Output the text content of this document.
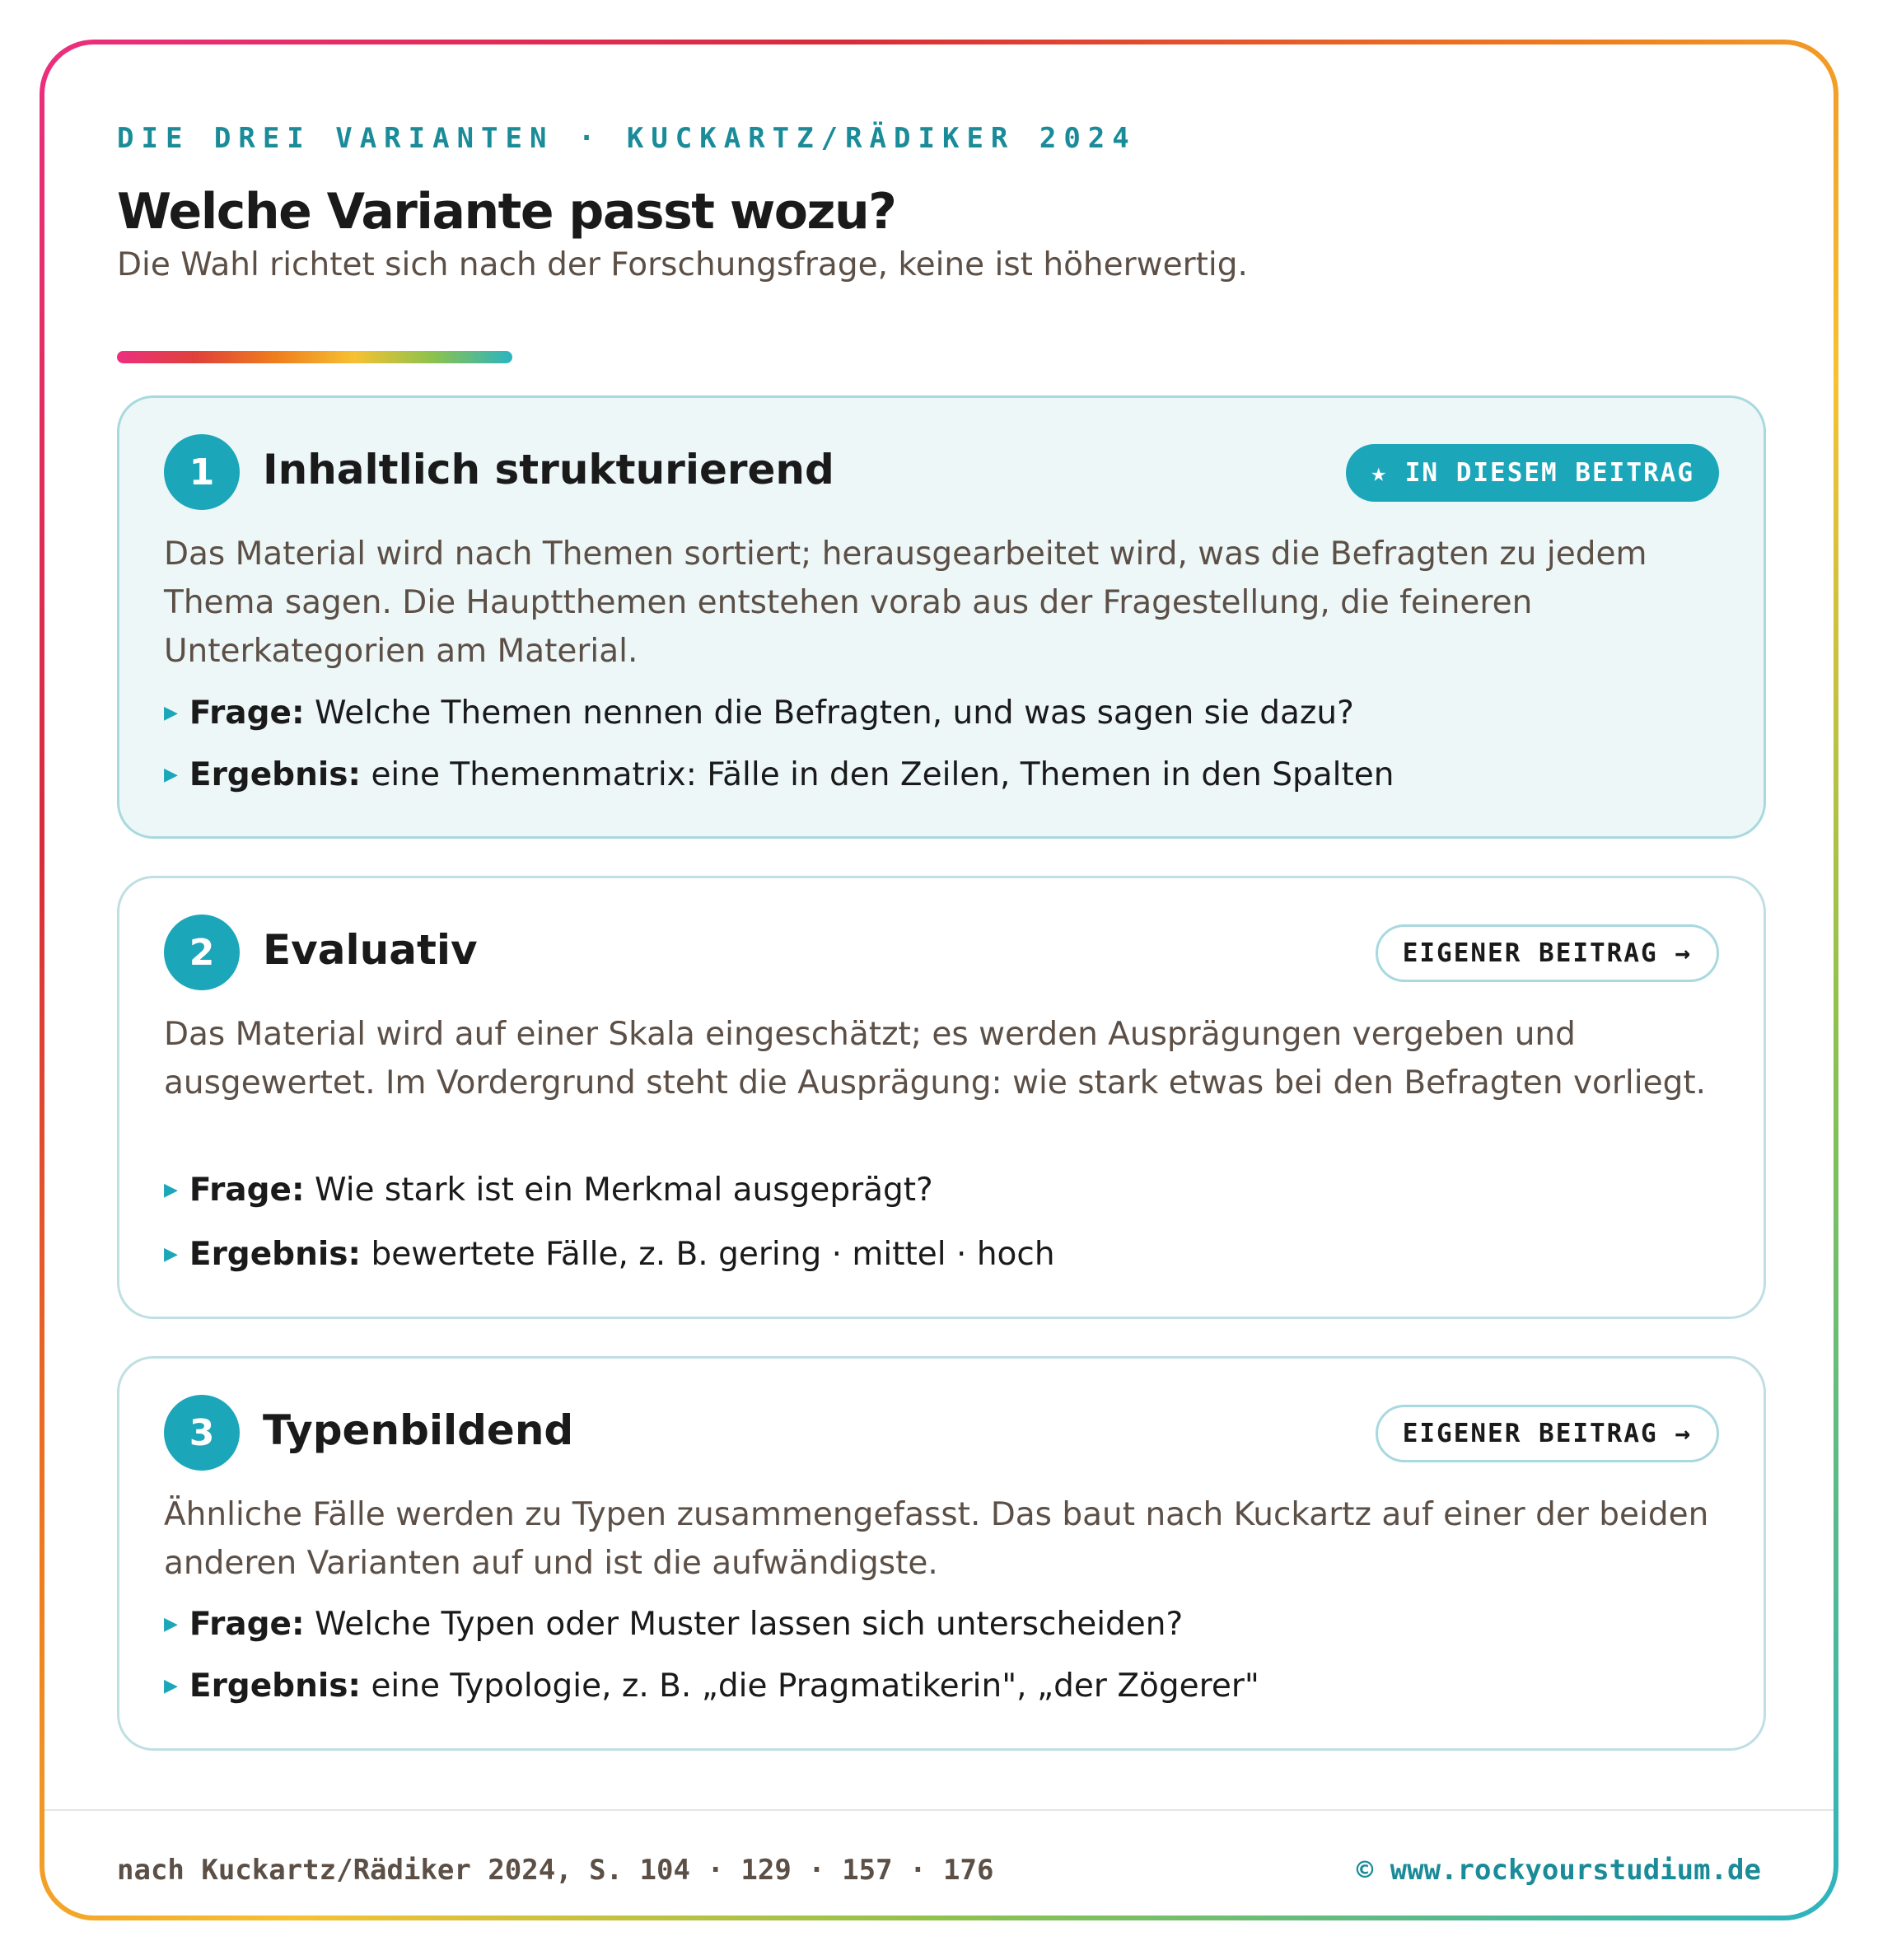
DIE DREI VARIANTEN · KUCKARTZ/RÄDIKER 2024
Welche Variante passt wozu?
Die Wahl richtet sich nach der Forschungsfrage, keine ist höherwertig.
1	Inhaltlich strukturierend	★ IN DIESEM BEITRAG
Das Material wird nach Themen sortiert; herausgearbeitet wird, was die Befragten zu jedem Thema sagen. Die Hauptthemen entstehen vorab aus der Fragestellung, die feineren Unterkategorien am Material.
▶ Frage: Welche Themen nennen die Befragten, und was sagen sie dazu?
▶ Ergebnis: eine Themenmatrix: Fälle in den Zeilen, Themen in den Spalten
2	Evaluativ	EIGENER BEITRAG →
Das Material wird auf einer Skala eingeschätzt; es werden Ausprägungen vergeben und ausgewertet. Im Vordergrund steht die Ausprägung: wie stark etwas bei den Befragten vorliegt.
▶ Frage: Wie stark ist ein Merkmal ausgeprägt?
▶ Ergebnis: bewertete Fälle, z. B. gering · mittel · hoch
3	Typenbildend	EIGENER BEITRAG →
Ähnliche Fälle werden zu Typen zusammengefasst. Das baut nach Kuckartz auf einer der beiden anderen Varianten auf und ist die aufwändigste.
▶ Frage: Welche Typen oder Muster lassen sich unterscheiden?
▶ Ergebnis: eine Typologie, z. B. „die Pragmatikerin", „der Zögerer"
nach Kuckartz/Rädiker 2024, S. 104 · 129 · 157 · 176	© www.rockyourstudium.de
